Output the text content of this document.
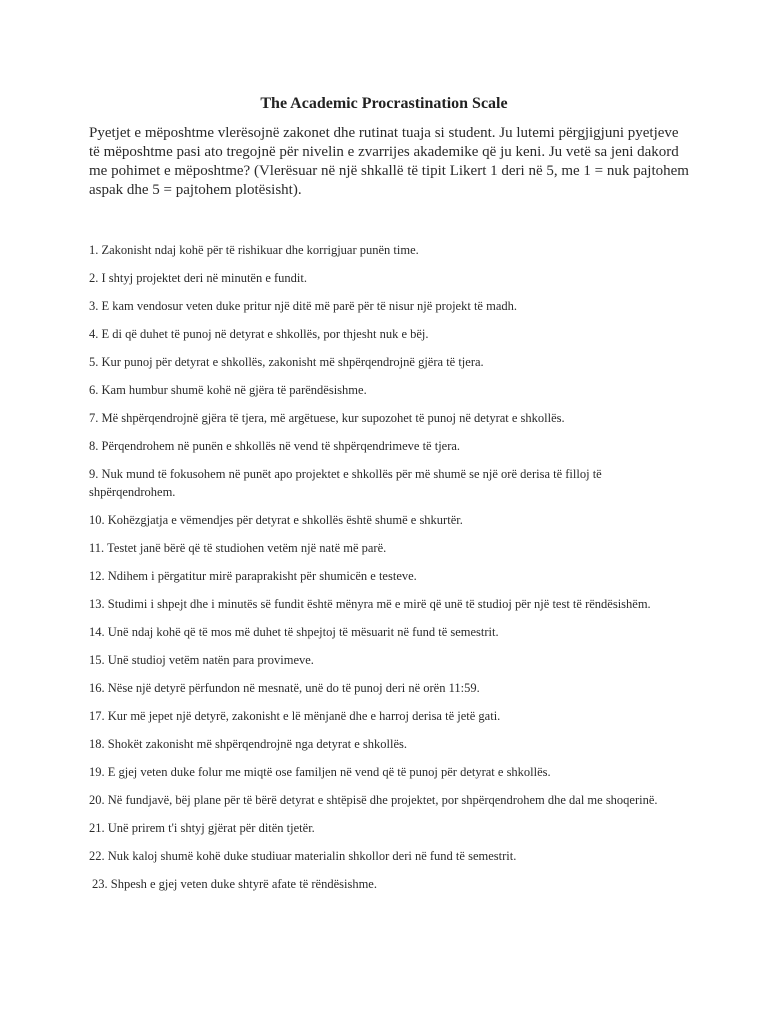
The Academic Procrastination Scale
Pyetjet e mëposhtme vlerësojnë zakonet dhe rutinat tuaja si student. Ju lutemi përgjigjuni pyetjeve të mëposhtme pasi ato tregojnë për nivelin e zvarrijes akademike që ju keni. Ju vetë sa jeni dakord me pohimet e mëposhtme? (Vlerësuar në një shkallë të tipit Likert 1 deri në 5, me 1 = nuk pajtohem aspak dhe 5 = pajtohem plotësisht).
1. Zakonisht ndaj kohë për të rishikuar dhe korrigjuar punën time.
2. I shtyj projektet deri në minutën e fundit.
3. E kam vendosur veten duke pritur një ditë më parë për të nisur një projekt të madh.
4. E di që duhet të punoj në detyrat e shkollës, por thjesht nuk e bëj.
5. Kur punoj për detyrat e shkollës, zakonisht më shpërqendrojnë gjëra të tjera.
6. Kam humbur shumë kohë në gjëra të parëndësishme.
7. Më shpërqendrojnë gjëra të tjera, më argëtuese, kur supozohet të punoj në detyrat e shkollës.
8. Përqendrohem në punën e shkollës në vend të shpërqendrimeve të tjera.
9. Nuk mund të fokusohem në punët apo projektet e shkollës për më shumë se një orë derisa të filloj të shpërqendrohem.
10. Kohëzgjatja e vëmendjes për detyrat e shkollës është shumë e shkurtër.
11. Testet janë bërë që të studiohen vetëm një natë më parë.
12. Ndihem i përgatitur mirë paraprakisht për shumicën e testeve.
13. Studimi i shpejt dhe i minutës së fundit është mënyra më e mirë që unë të studioj për një test të rëndësishëm.
14. Unë ndaj kohë që të mos më duhet të shpejtoj të mësuarit në fund të semestrit.
15. Unë studioj vetëm natën para provimeve.
16. Nëse një detyrë përfundon në mesnatë, unë do të punoj deri në orën 11:59.
17. Kur më jepet një detyrë, zakonisht e lë mënjanë dhe e harroj derisa të jetë gati.
18. Shokët zakonisht më shpërqendrojnë nga detyrat e shkollës.
19. E gjej veten duke folur me miqtë ose familjen në vend që të punoj për detyrat e shkollës.
20. Në fundjavë, bëj plane për të bërë detyrat e shtëpisë dhe projektet, por shpërqendrohem dhe dal me shoqerinë.
21. Unë prirem t'i shtyj gjërat për ditën tjetër.
22. Nuk kaloj shumë kohë duke studiuar materialin shkollor deri në fund të semestrit.
23. Shpesh e gjej veten duke shtyrë afate të rëndësishme.
